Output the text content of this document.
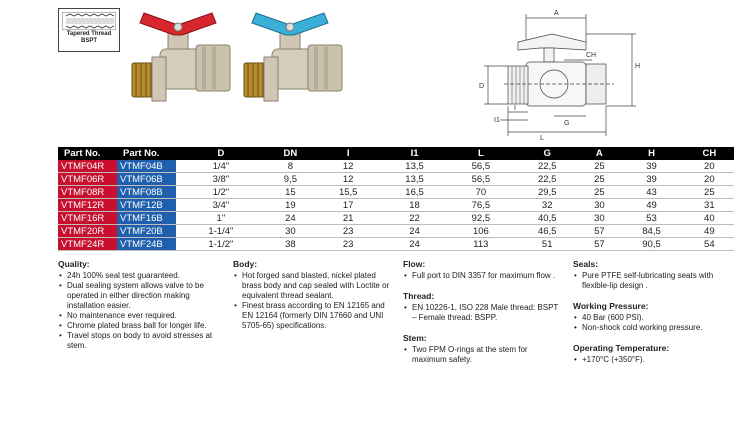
Tapered Thread
BSPT
A
CH
H
D
I
I1	G
L
Part No.	Part No.	D	DN	I	I1	L	G	A	H	CH
VTMF04R	VTMF04B	1/4"	8	12	13,5	56,5	22,5	25	39	20
VTMF06R	VTMF06B	3/8"	9,5	12	13,5	56,5	22,5	25	39	20
VTMF08R	VTMF08B	1/2"	15	15,5	16,5	70	29,5	25	43	25
VTMF12R	VTMF12B	3/4"	19	17	18	76,5	32	30	49	31
VTMF16R	VTMF16B	1"	24	21	22	92,5	40,5	30	53	40
VTMF20R	VTMF20B	1-1/4"	30	23	24	106	46,5	57	84,5	49
VTMF24R	VTMF24B	1-1/2"	38	23	24	113	51	57	90,5	54
Quality:
• 24h 100% seal test guaranteed.
• Dual sealing system allows valve to be operated in either direction making installation easier.
• No maintenance ever required.
• Chrome plated brass ball for longer life.
• Travel stops on body to avoid stresses at stem.
Body:
• Hot forged sand blasted, nickel plated brass body and cap sealed with Loctite or equivalent thread sealant.
• Finest brass according to EN 12165 and EN 12164 (formerly DIN 17660 and UNI 5705-65) specifications.
Flow:
• Full port to DIN 3357 for maximum flow .
Thread:
• EN 10226-1, ISO 228 Male thread: BSPT – Female thread: BSPP.
Stem:
• Two FPM O-rings at the stem for maximum safety.
Seals:
• Pure PTFE self-lubricating seats with flexible-lip design .
Working Pressure:
• 40 Bar (600 PSI).
• Non-shock cold working pressure.
Operating Temperature:
• +170°C (+350°F).
